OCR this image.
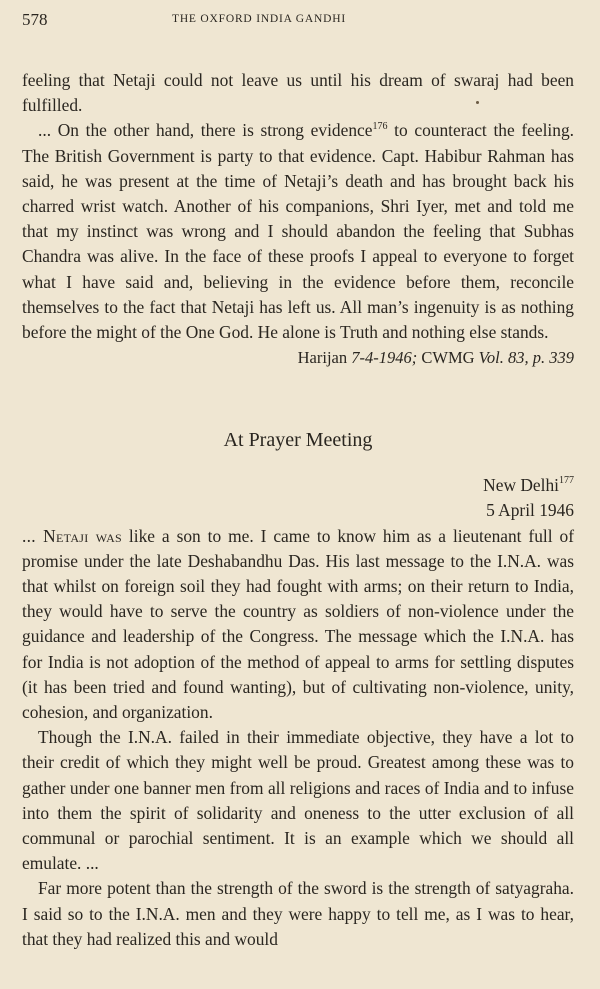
578	THE OXFORD INDIA GANDHI

feeling that Netaji could not leave us until his dream of swaraj had been fulfilled.

... On the other hand, there is strong evidence$^{176}$ to counteract the feeling. The British Government is party to that evidence. Capt. Habibur Rahman has said, he was present at the time of Netaji’s death and has brought back his charred wrist watch. Another of his companions, Shri Iyer, met and told me that my instinct was wrong and I should abandon the feeling that Subhas Chandra was alive. In the face of these proofs I appeal to everyone to forget what I have said and, believing in the evidence before them, reconcile themselves to the fact that Netaji has left us. All man’s ingenuity is as nothing before the might of the One God. He alone is Truth and nothing else stands.

Harijan 7-4-1946; CWMG Vol. 83, p. 339

At Prayer Meeting

New Delhi$^{177}$

5 April 1946

... Netaji was like a son to me. I came to know him as a lieutenant full of promise under the late Deshabandhu Das. His last message to the I.N.A. was that whilst on foreign soil they had fought with arms; on their return to India, they would have to serve the country as soldiers of non-violence under the guidance and leadership of the Congress. The message which the I.N.A. has for India is not adoption of the method of appeal to arms for settling disputes (it has been tried and found wanting), but of cultivating non-violence, unity, cohesion, and organization.

Though the I.N.A. failed in their immediate objective, they have a lot to their credit of which they might well be proud. Greatest among these was to gather under one banner men from all religions and races of India and to infuse into them the spirit of solidarity and oneness to the utter exclusion of all communal or parochial sentiment. It is an example which we should all emulate. ...

Far more potent than the strength of the sword is the strength of satyagraha. I said so to the I.N.A. men and they were happy to tell me, as I was to hear, that they had realized this and would
